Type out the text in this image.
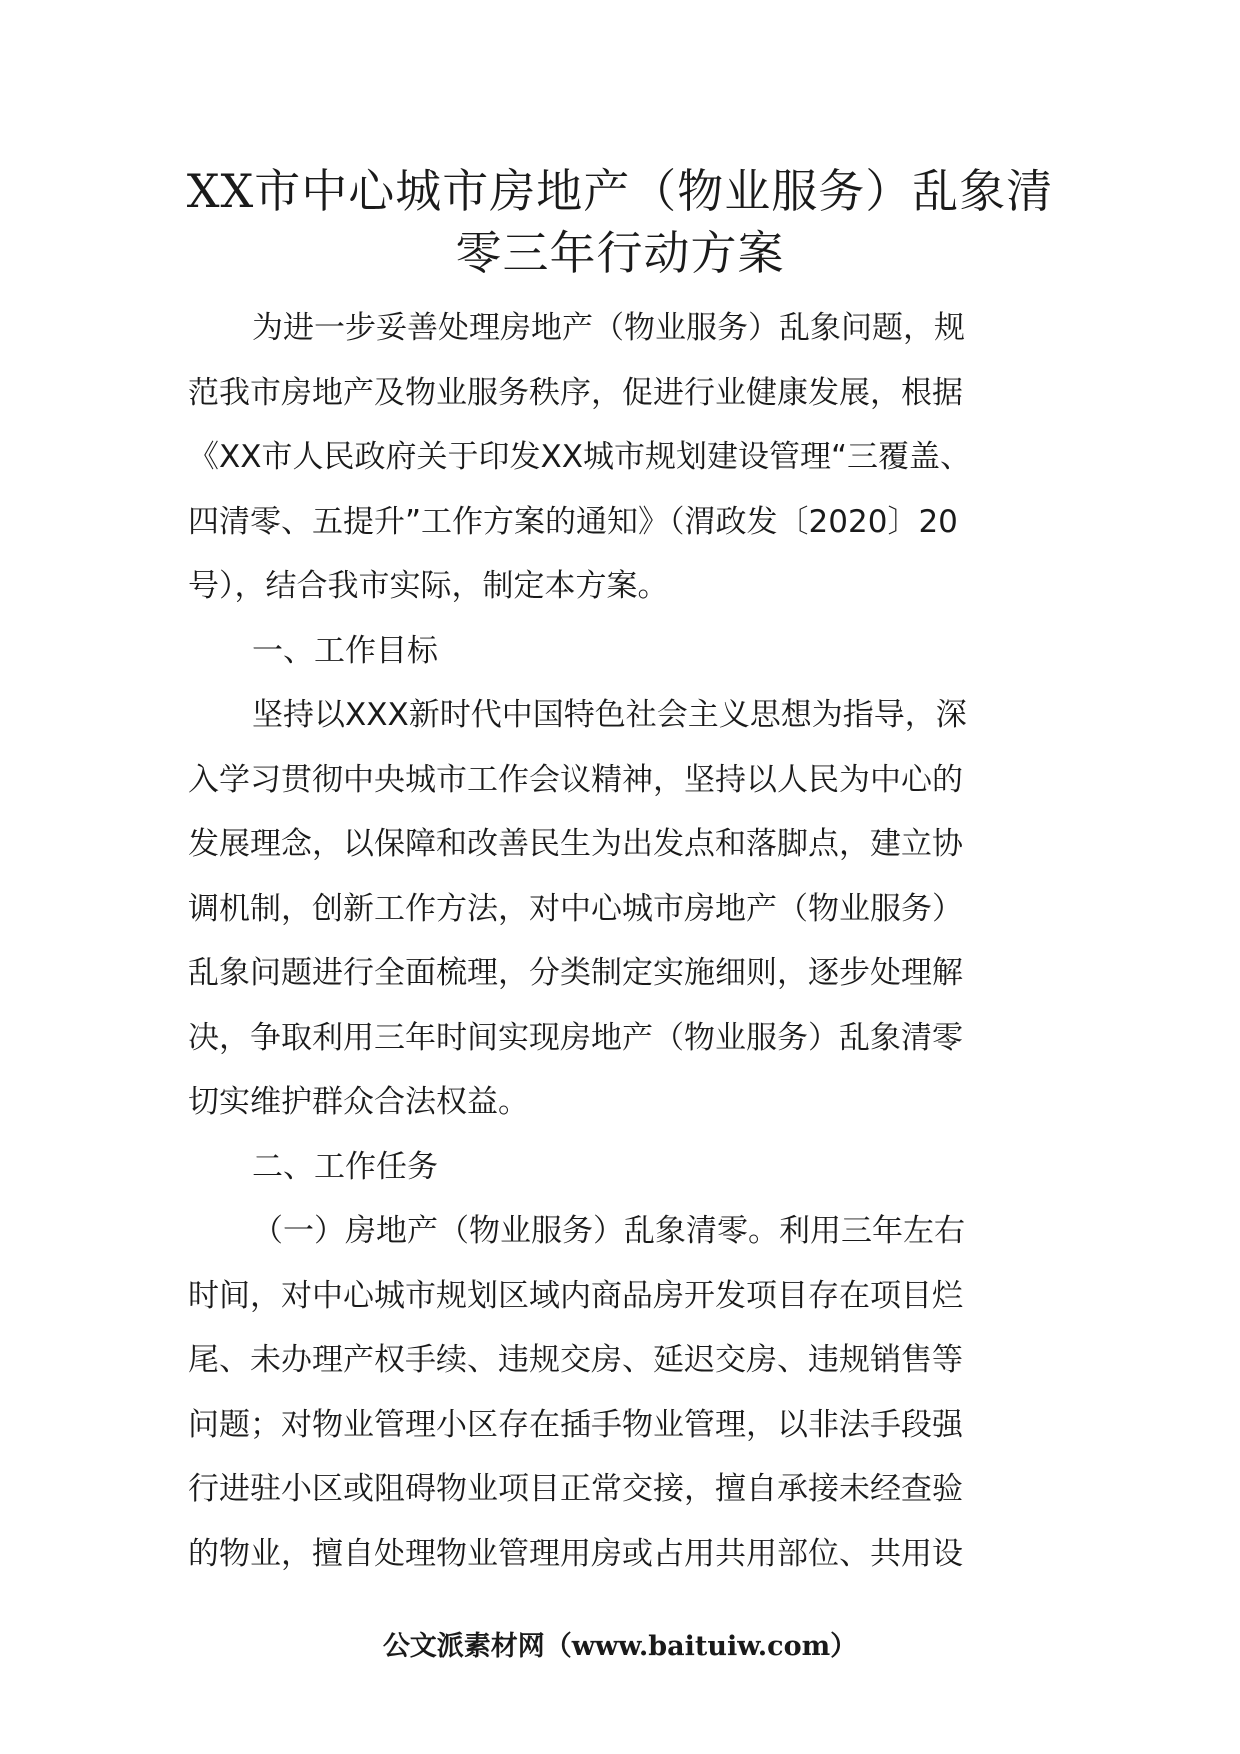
XX市中心城市房地产（物业服务）乱象清
零三年行动方案
为进一步妥善处理房地产（物业服务）乱象问题，规
范我市房地产及物业服务秩序，促进行业健康发展，根据
《XX市人民政府关于印发XX城市规划建设管理“三覆盖、
四清零、五提升”工作方案的通知》（渭政发〔2020〕20
号），结合我市实际，制定本方案。
一、工作目标
坚持以XXX新时代中国特色社会主义思想为指导，深
入学习贯彻中央城市工作会议精神，坚持以人民为中心的
发展理念，以保障和改善民生为出发点和落脚点，建立协
调机制，创新工作方法，对中心城市房地产（物业服务）
乱象问题进行全面梳理，分类制定实施细则，逐步处理解
决，争取利用三年时间实现房地产（物业服务）乱象清零
切实维护群众合法权益。
二、工作任务
（一）房地产（物业服务）乱象清零。利用三年左右
时间，对中心城市规划区域内商品房开发项目存在项目烂
尾、未办理产权手续、违规交房、延迟交房、违规销售等
问题；对物业管理小区存在插手物业管理，以非法手段强
行进驻小区或阻碍物业项目正常交接，擅自承接未经查验
的物业，擅自处理物业管理用房或占用共用部位、共用设
公文派素材网（www.baituiw.com）
